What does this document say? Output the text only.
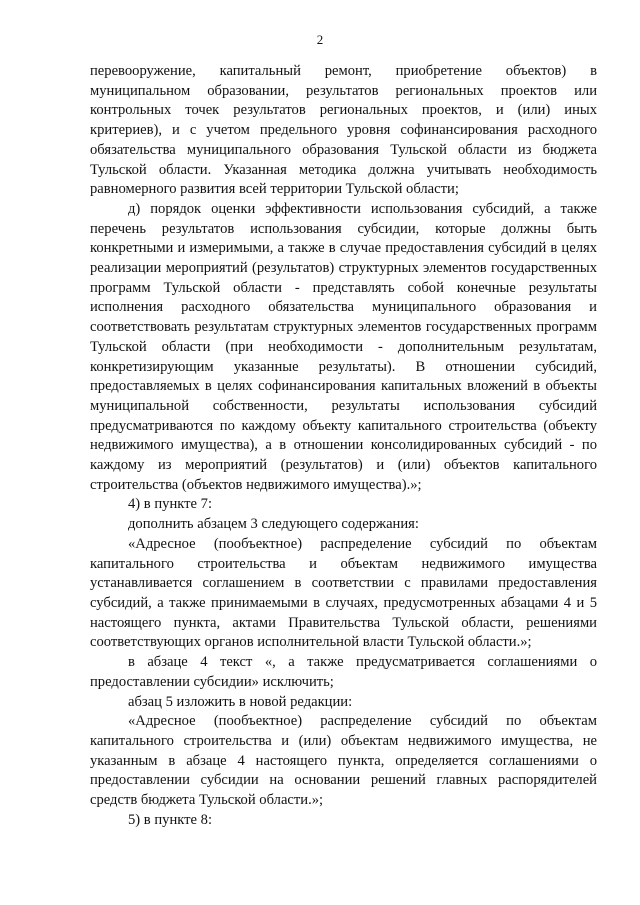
2

перевооружение, капитальный ремонт, приобретение объектов) в муниципальном образовании, результатов региональных проектов или контрольных точек результатов региональных проектов, и (или) иных критериев), и с учетом предельного уровня софинансирования расходного обязательства муниципального образования Тульской области из бюджета Тульской области. Указанная методика должна учитывать необходимость равномерного развития всей территории Тульской области;

д) порядок оценки эффективности использования субсидий, а также перечень результатов использования субсидии, которые должны быть конкретными и измеримыми, а также в случае предоставления субсидий в целях реализации мероприятий (результатов) структурных элементов государственных программ Тульской области - представлять собой конечные результаты исполнения расходного обязательства муниципального образования и соответствовать результатам структурных элементов государственных программ Тульской области (при необходимости - дополнительным результатам, конкретизирующим указанные результаты). В отношении субсидий, предоставляемых в целях софинансирования капитальных вложений в объекты муниципальной собственности, результаты использования субсидий предусматриваются по каждому объекту капитального строительства (объекту недвижимого имущества), а в отношении консолидированных субсидий - по каждому из мероприятий (результатов) и (или) объектов капитального строительства (объектов недвижимого имущества).»;

4) в пункте 7:

дополнить абзацем 3 следующего содержания:

«Адресное (пообъектное) распределение субсидий по объектам капитального строительства и объектам недвижимого имущества устанавливается соглашением в соответствии с правилами предоставления субсидий, а также принимаемыми в случаях, предусмотренных абзацами 4 и 5 настоящего пункта, актами Правительства Тульской области, решениями соответствующих органов исполнительной власти Тульской области.»;

в абзаце 4 текст «, а также предусматривается соглашениями о предоставлении субсидии» исключить;

абзац 5 изложить в новой редакции:

«Адресное (пообъектное) распределение субсидий по объектам капитального строительства и (или) объектам недвижимого имущества, не указанным в абзаце 4 настоящего пункта, определяется соглашениями о предоставлении субсидии на основании решений главных распорядителей средств бюджета Тульской области.»;

5) в пункте 8:
